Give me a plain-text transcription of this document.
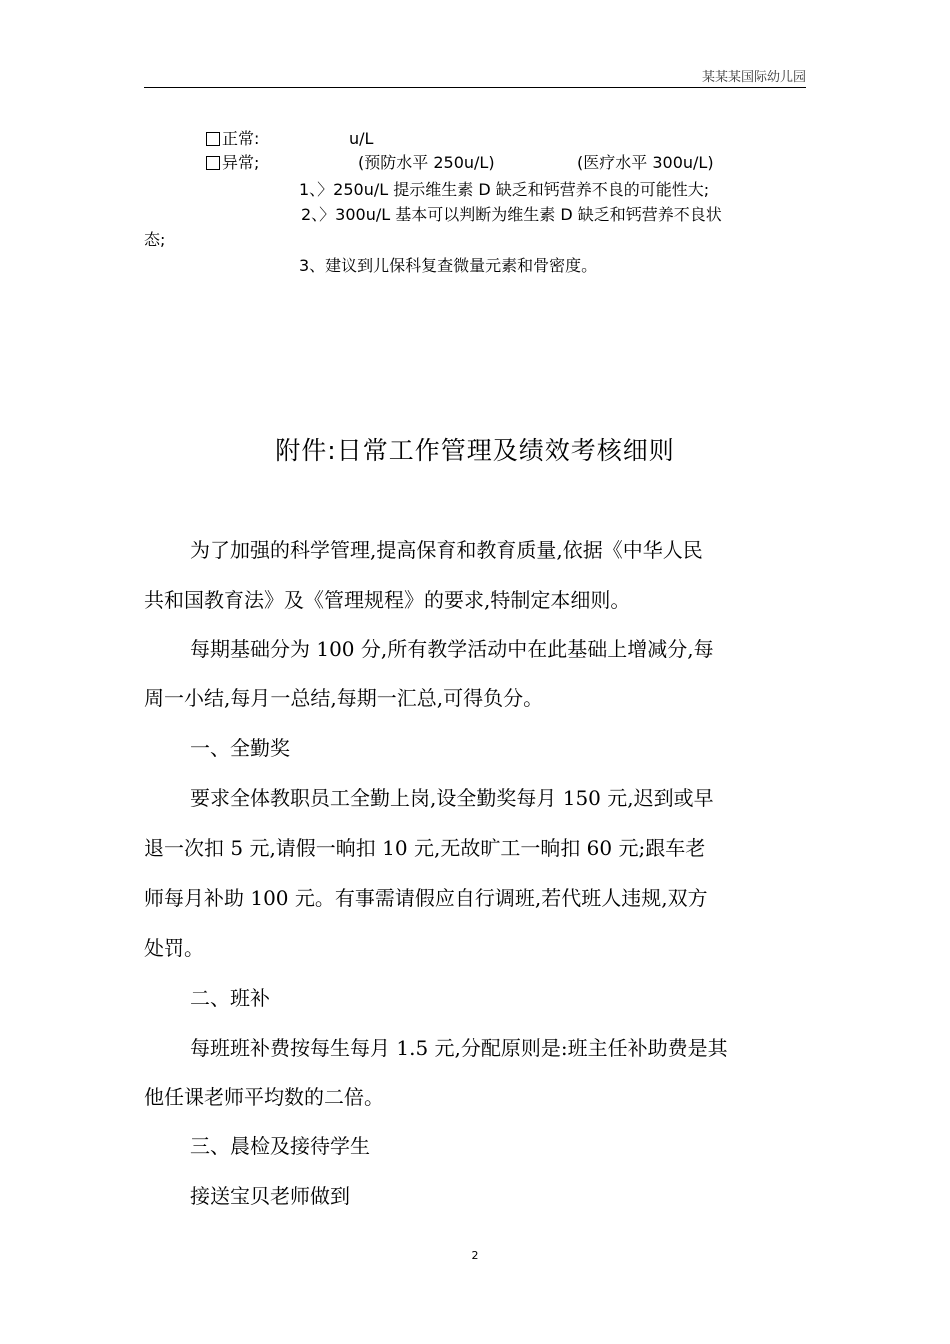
某某某国际幼儿园
正常:	u/L
异常;	(预防水平 250u/L)	(医疗水平 300u/L)
1、〉250u/L 提示维生素 D 缺乏和钙营养不良的可能性大;
2、〉300u/L 基本可以判断为维生素 D 缺乏和钙营养不良状
态;
3、建议到儿保科复查微量元素和骨密度。
附件:日常工作管理及绩效考核细则
为了加强的科学管理,提高保育和教育质量,依据《中华人民
共和国教育法》及《管理规程》的要求,特制定本细则。
每期基础分为 100 分,所有教学活动中在此基础上增减分,每
周一小结,每月一总结,每期一汇总,可得负分。
一、全勤奖
要求全体教职员工全勤上岗,设全勤奖每月 150 元,迟到或早
退一次扣 5 元,请假一晌扣 10 元,无故旷工一晌扣 60 元;跟车老
师每月补助 100 元。有事需请假应自行调班,若代班人违规,双方
处罚。
二、班补
每班班补费按每生每月 1.5 元,分配原则是:班主任补助费是其
他任课老师平均数的二倍。
三、晨检及接待学生
接送宝贝老师做到
2
